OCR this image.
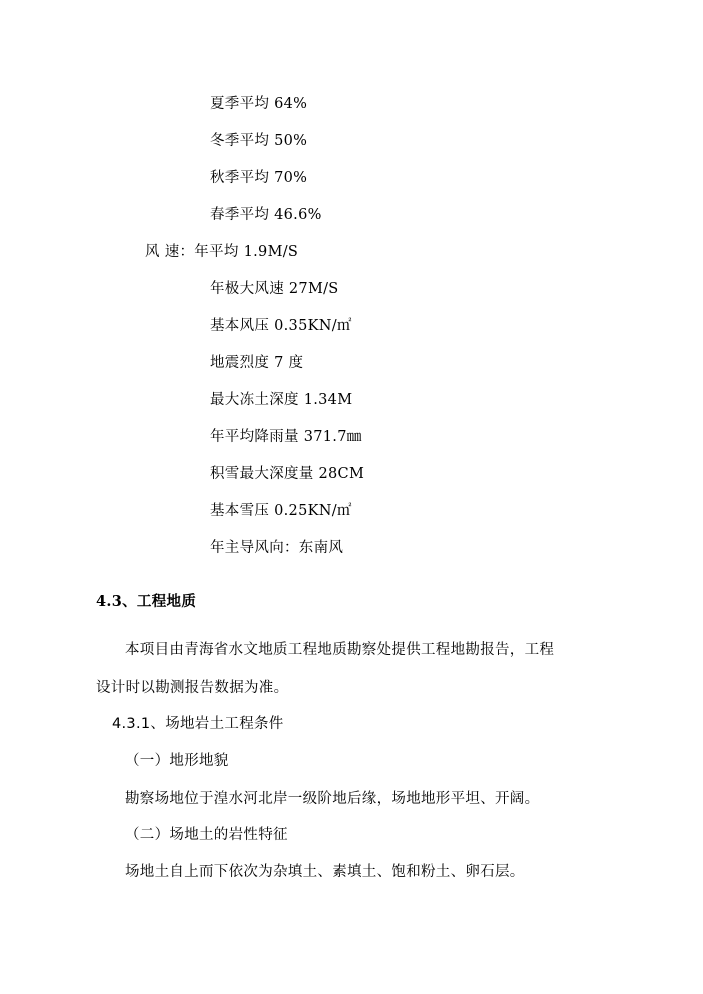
夏季平均 64%
冬季平均 50%
秋季平均 70%
春季平均 46.6%
风 速：年平均 1.9M/S
年极大风速 27M/S
基本风压 0.35KN/㎡
地震烈度 7 度
最大冻土深度 1.34M
年平均降雨量 371.7㎜
积雪最大深度量 28CM
基本雪压 0.25KN/㎡
年主导风向：东南风
4.3、工程地质
本项目由青海省水文地质工程地质勘察处提供工程地勘报告，工程
设计时以勘测报告数据为准。
4.3.1、场地岩土工程条件
（一）地形地貌
勘察场地位于湟水河北岸一级阶地后缘，场地地形平坦、开阔。
（二）场地土的岩性特征
场地土自上而下依次为杂填土、素填土、饱和粉土、卵石层。
